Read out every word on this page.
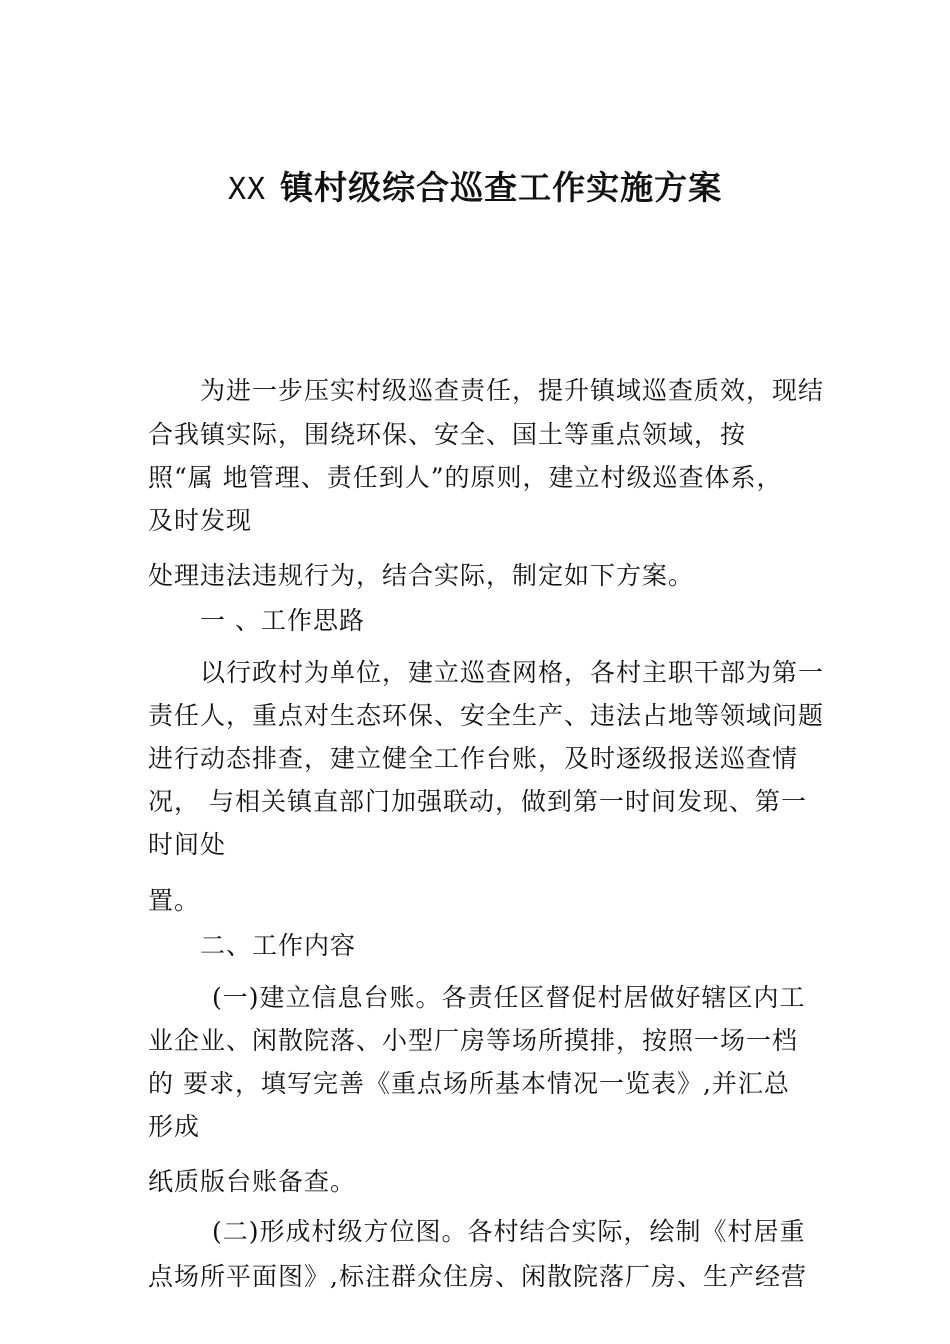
XX 镇村级综合巡查工作实施方案
为进一步压实村级巡查责任，提升镇域巡查质效，现结
合我镇实际，围绕环保、安全、国土等重点领域，按
照“属 地管理、责任到人”的原则，建立村级巡查体系，
及时发现
处理违法违规行为，结合实际，制定如下方案。
一 、工作思路
以行政村为单位，建立巡查网格，各村主职干部为第一
责任人，重点对生态环保、安全生产、违法占地等领域问题
进行动态排查，建立健全工作台账，及时逐级报送巡查情
况， 与相关镇直部门加强联动，做到第一时间发现、第一
时间处
置。
二、工作内容
(一)建立信息台账。各责任区督促村居做好辖区内工
业企业、闲散院落、小型厂房等场所摸排，按照一场一档
的 要求，填写完善《重点场所基本情况一览表》,并汇总
形成
纸质版台账备查。
(二)形成村级方位图。各村结合实际，绘制《村居重
点场所平面图》,标注群众住房、闲散院落厂房、生产经营
